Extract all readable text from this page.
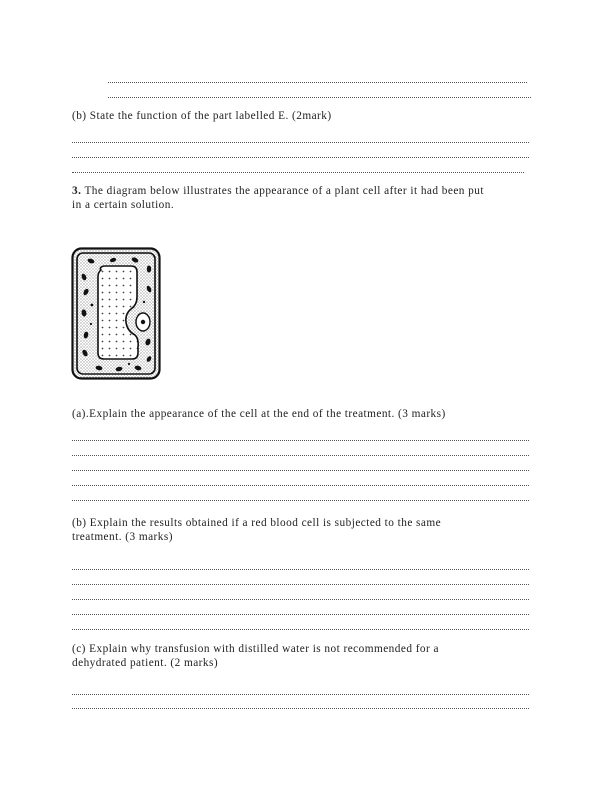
(b) State the function of the part labelled E. (2mark)
3. The diagram below illustrates the appearance of a plant cell after it had been put
in a certain solution.
(a).Explain the appearance of the cell at the end of the treatment. (3 marks)
(b) Explain the results obtained if a red blood cell is subjected to the same
treatment. (3 marks)
(c) Explain why transfusion with distilled water is not recommended for a
dehydrated patient. (2 marks)
